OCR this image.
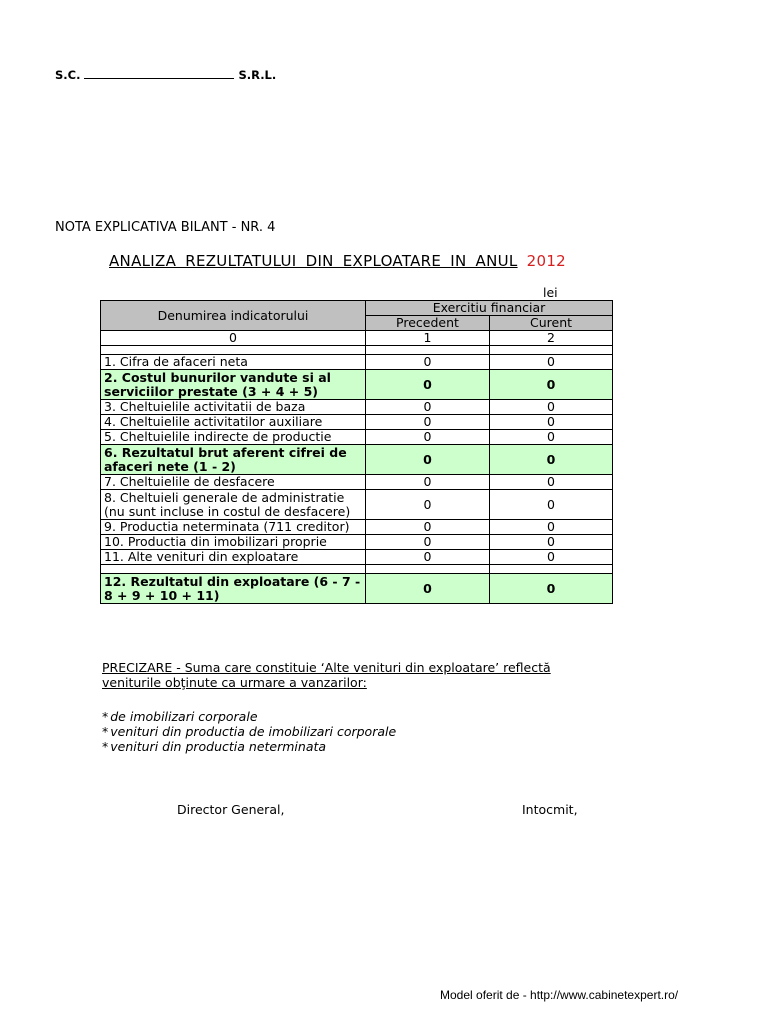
S.C.	S.R.L.
NOTA EXPLICATIVA BILANT - NR. 4
ANALIZA REZULTATULUI DIN EXPLOATARE IN ANUL 2012
lei
Denumirea indicatorului	Exercitiu financiar	
	Precedent	Curent
0	1	2

1. Cifra de afaceri neta	0	0
2. Costul bunurilor vandute si al serviciilor prestate (3 + 4 + 5)	0	0
3. Cheltuielile activitatii de baza	0	0
4. Cheltuielile activitatilor auxiliare	0	0
5. Cheltuielile indirecte de productie	0	0
6. Rezultatul brut aferent cifrei de afaceri nete (1 - 2)	0	0
7. Cheltuielile de desfacere	0	0
8. Cheltuieli generale de administratie (nu sunt incluse in costul de desfacere)	0	0
9. Productia neterminata (711 creditor)	0	0
10. Productia din imobilizari proprie	0	0
11. Alte venituri din exploatare	0	0

12. Rezultatul din exploatare (6 - 7 - 8 + 9 + 10 + 11)	0	0
PRECIZARE - Suma care constituie ‘Alte venituri din exploatare’ reflectă veniturile obţinute ca urmare a vanzarilor:
* de imobilizari corporale
* venituri din productia de imobilizari corporale
* venituri din productia neterminata
Director General,	Intocmit,
Model oferit de - http://www.cabinetexpert.ro/
